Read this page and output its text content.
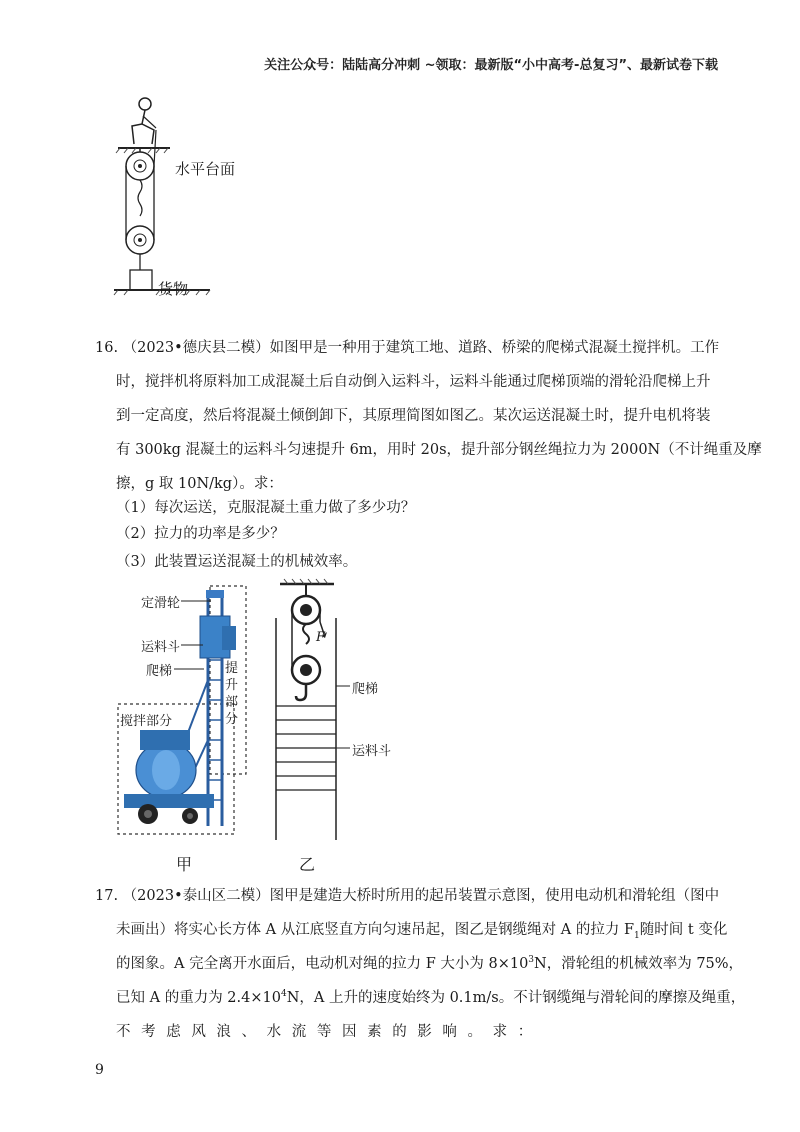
关注公众号：陆陆高分冲刺 ~领取：最新版“小中高考-总复习”、最新试卷下载
水平台面
货物
16. （2023•德庆县二模）如图甲是一种用于建筑工地、道路、桥梁的爬梯式混凝土搅拌机。工作
时，搅拌机将原料加工成混凝土后自动倒入运料斗，运料斗能通过爬梯顶端的滑轮沿爬梯上升
到一定高度，然后将混凝土倾倒卸下，其原理简图如图乙。某次运送混凝土时，提升电机将装
有 300kg 混凝土的运料斗匀速提升 6m，用时 20s，提升部分钢丝绳拉力为 2000N（不计绳重及摩
擦，g 取 10N/kg）。求：
（1）每次运送，克服混凝土重力做了多少功？
（2）拉力的功率是多少？
（3）此装置运送混凝土的机械效率。
定滑轮
运料斗
爬梯	提升部分
搅拌部分
甲
F
爬梯
运料斗
乙
17. （2023•泰山区二模）图甲是建造大桥时所用的起吊装置示意图，使用电动机和滑轮组（图中
未画出）将实心长方体 A 从江底竖直方向匀速吊起，图乙是钢缆绳对 A 的拉力 $F_1$随时间 t 变化
的图象。A 完全离开水面后，电动机对绳的拉力 F 大小为 $8\times 10^3N$，滑轮组的机械效率为 75%，
已知 A 的重力为 $2.4\times 10^4N$，A 上升的速度始终为 0.1m/s。不计钢缆绳与滑轮间的摩擦及绳重，
不 考 虑 风 浪 、 水 流 等 因 素 的 影 响 。 求 ：
9
